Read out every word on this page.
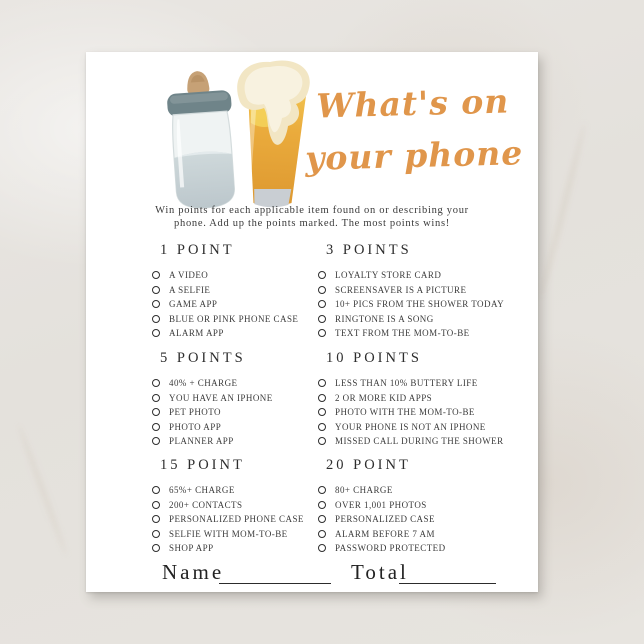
What's on
your phone
Win points for each applicable item found on or describing your
phone. Add up the points marked. The most points wins!
1 POINT
A VIDEO
A SELFIE
GAME APP
BLUE OR PINK PHONE CASE
ALARM APP
3 POINTS
LOYALTY STORE CARD
SCREENSAVER IS A PICTURE
10+ PICS FROM THE SHOWER TODAY
RINGTONE IS A SONG
TEXT FROM THE MOM-TO-BE
5 POINTS
40% + CHARGE
YOU HAVE AN IPHONE
PET PHOTO
PHOTO APP
PLANNER APP
10 POINTS
LESS THAN 10% BUTTERY LIFE
2 OR MORE KID APPS
PHOTO WITH THE MOM-TO-BE
YOUR PHONE IS NOT AN IPHONE
MISSED CALL DURING THE SHOWER
15 POINT
65%+ CHARGE
200+ CONTACTS
PERSONALIZED PHONE CASE
SELFIE WITH MOM-TO-BE
SHOP APP
20 POINT
80+ CHARGE
OVER 1,001 PHOTOS
PERSONALIZED CASE
ALARM BEFORE 7 AM
PASSWORD PROTECTED
Name	Total
